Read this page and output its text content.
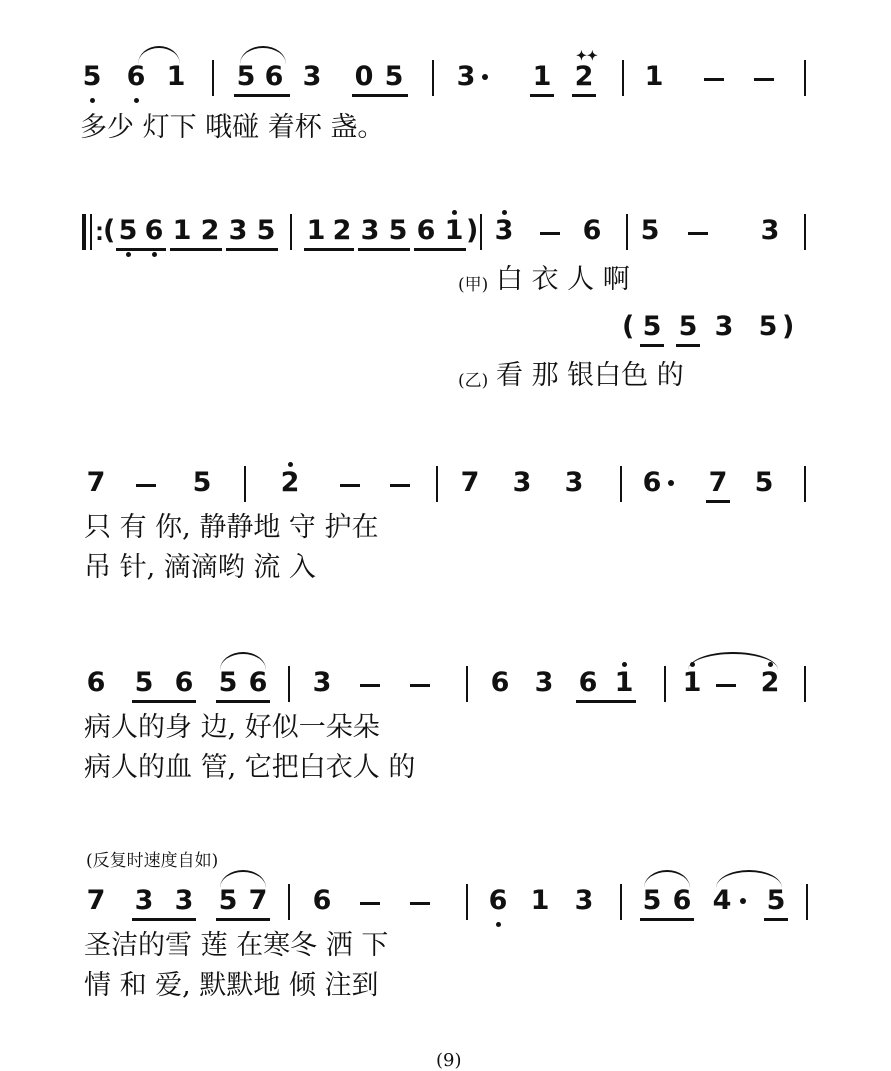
5 6 1 5 6 3 0 5 3 1 2
✦✦
1
多少 灯下 哦碰 着杯 盏。
: ( 5 6 1 2 3 5 1 2 3 5 6 1 ) 3	6 5	3
(甲) 白 衣 人 啊
( 5 5 3 5 )
(乙) 看 那 银白色 的
7	5	2	7 3 3 6 7 5
只 有 你, 静静地 守 护在
吊 针, 滴滴哟 流 入
6 5 6 5 6 3	6 3 6 1 1 2
病人的身 边, 好似一朵朵
病人的血 管, 它把白衣人 的
(反复时速度自如)
7 3 3 5 7 6	6 1 3 5 6 4 5
圣洁的雪 莲 在寒冬 洒 下
情 和 爱, 默默地 倾 注到
(9)
